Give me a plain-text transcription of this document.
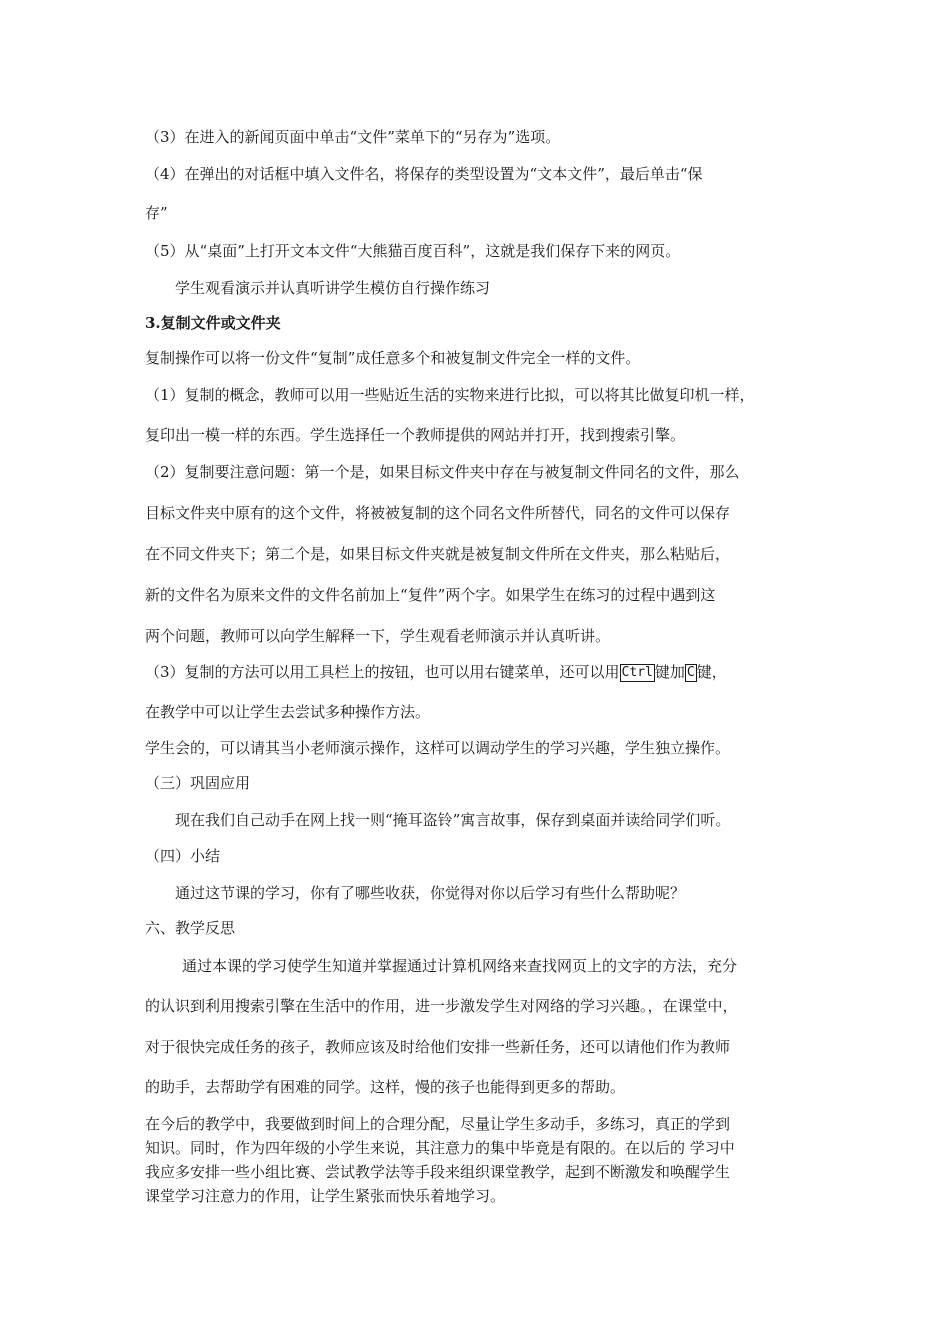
（3）在进入的新闻页面中单击“文件”菜单下的“另存为”选项。
（4）在弹出的对话框中填入文件名，将保存的类型设置为“文本文件”，最后单击“保
存”
（5）从“桌面”上打开文本文件“大熊猫百度百科”，这就是我们保存下来的网页。
学生观看演示并认真听讲学生模仿自行操作练习
3.复制文件或文件夹
复制操作可以将一份文件“复制”成任意多个和被复制文件完全一样的文件。
（1）复制的概念，教师可以用一些贴近生活的实物来进行比拟，可以将其比做复印机一样，
复印出一模一样的东西。学生选择任一个教师提供的网站并打开，找到搜索引擎。
（2）复制要注意问题：第一个是，如果目标文件夹中存在与被复制文件同名的文件，那么
目标文件夹中原有的这个文件，将被被复制的这个同名文件所替代，同名的文件可以保存
在不同文件夹下；第二个是，如果目标文件夹就是被复制文件所在文件夹，那么粘贴后，
新的文件名为原来文件的文件名前加上“复件”两个字。如果学生在练习的过程中遇到这
两个问题，教师可以向学生解释一下，学生观看老师演示并认真听讲。
（3）复制的方法可以用工具栏上的按钮，也可以用右键菜单，还可以用 Ctrl 键加 C 键，
在教学中可以让学生去尝试多种操作方法。
学生会的，可以请其当小老师演示操作，这样可以调动学生的学习兴趣，学生独立操作。
（三）巩固应用
现在我们自己动手在网上找一则“掩耳盗铃”寓言故事，保存到桌面并读给同学们听。
（四）小结
通过这节课的学习，你有了哪些收获，你觉得对你以后学习有些什么帮助呢？
六、教学反思
通过本课的学习使学生知道并掌握通过计算机网络来查找网页上的文字的方法，充分
的认识到利用搜索引擎在生活中的作用，进一步激发学生对网络的学习兴趣。，在课堂中，
对于很快完成任务的孩子，教师应该及时给他们安排一些新任务，还可以请他们作为教师
的助手，去帮助学有困难的同学。这样，慢的孩子也能得到更多的帮助。
在今后的教学中，我要做到时间上的合理分配，尽量让学生多动手，多练习，真正的学到
知识。同时，作为四年级的小学生来说，其注意力的集中毕竟是有限的。在以后的 学习中
我应多安排一些小组比赛、尝试教学法等手段来组织课堂教学，起到不断激发和唤醒学生
课堂学习注意力的作用，让学生紧张而快乐着地学习。
